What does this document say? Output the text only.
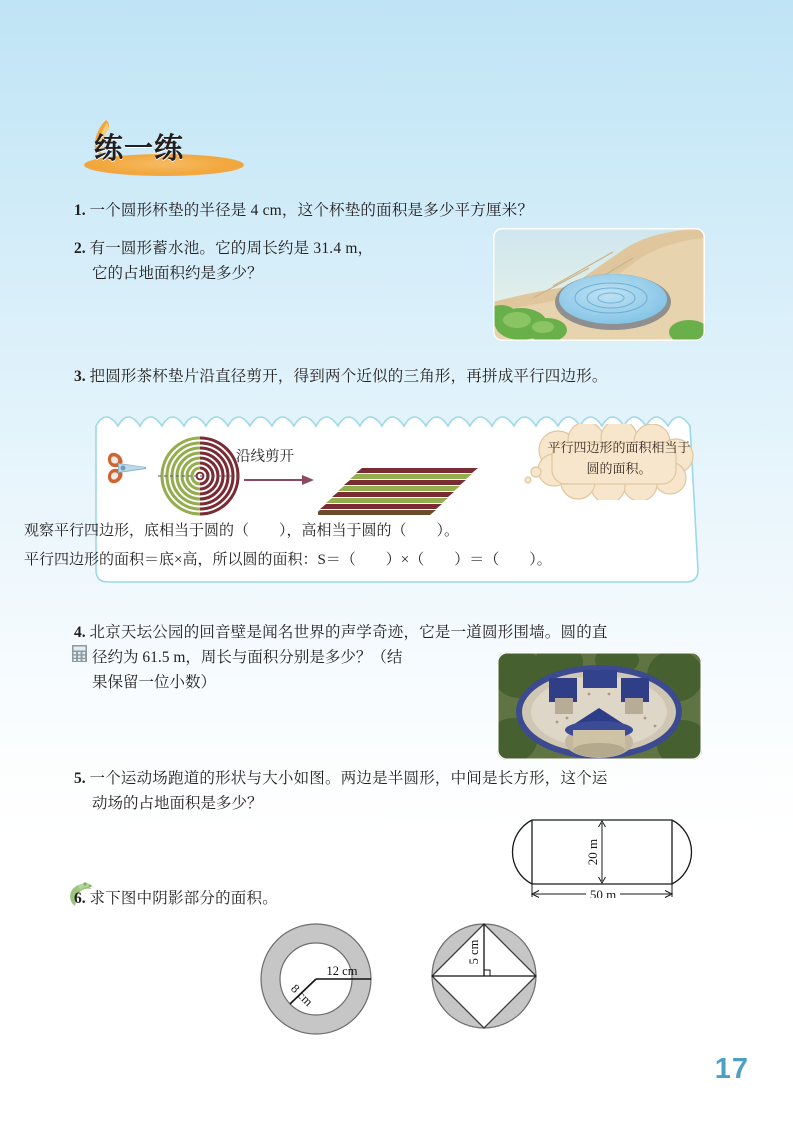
练一练
1. 一个圆形杯垫的半径是 4 cm，这个杯垫的面积是多少平方厘米？
2. 有一圆形蓄水池。它的周长约是 31.4 m，
它的占地面积约是多少？
3. 把圆形茶杯垫片沿直径剪开，得到两个近似的三角形，再拼成平行四边形。
沿线剪开
平行四边形的面积相当于圆的面积。
观察平行四边形，底相当于圆的（　　），高相当于圆的（　　）。
平行四边形的面积＝底×高，所以圆的面积：S＝（　　）×（　　）＝（　　）。
4. 北京天坛公园的回音壁是闻名世界的声学奇迹，它是一道圆形围墙。圆的直
径约为 61.5 m，周长与面积分别是多少？（结
果保留一位小数）
5. 一个运动场跑道的形状与大小如图。两边是半圆形，中间是长方形，这个运
动场的占地面积是多少？
20 m
50 m
6. 求下图中阴影部分的面积。
12 cm
8 cm
5 cm
17
